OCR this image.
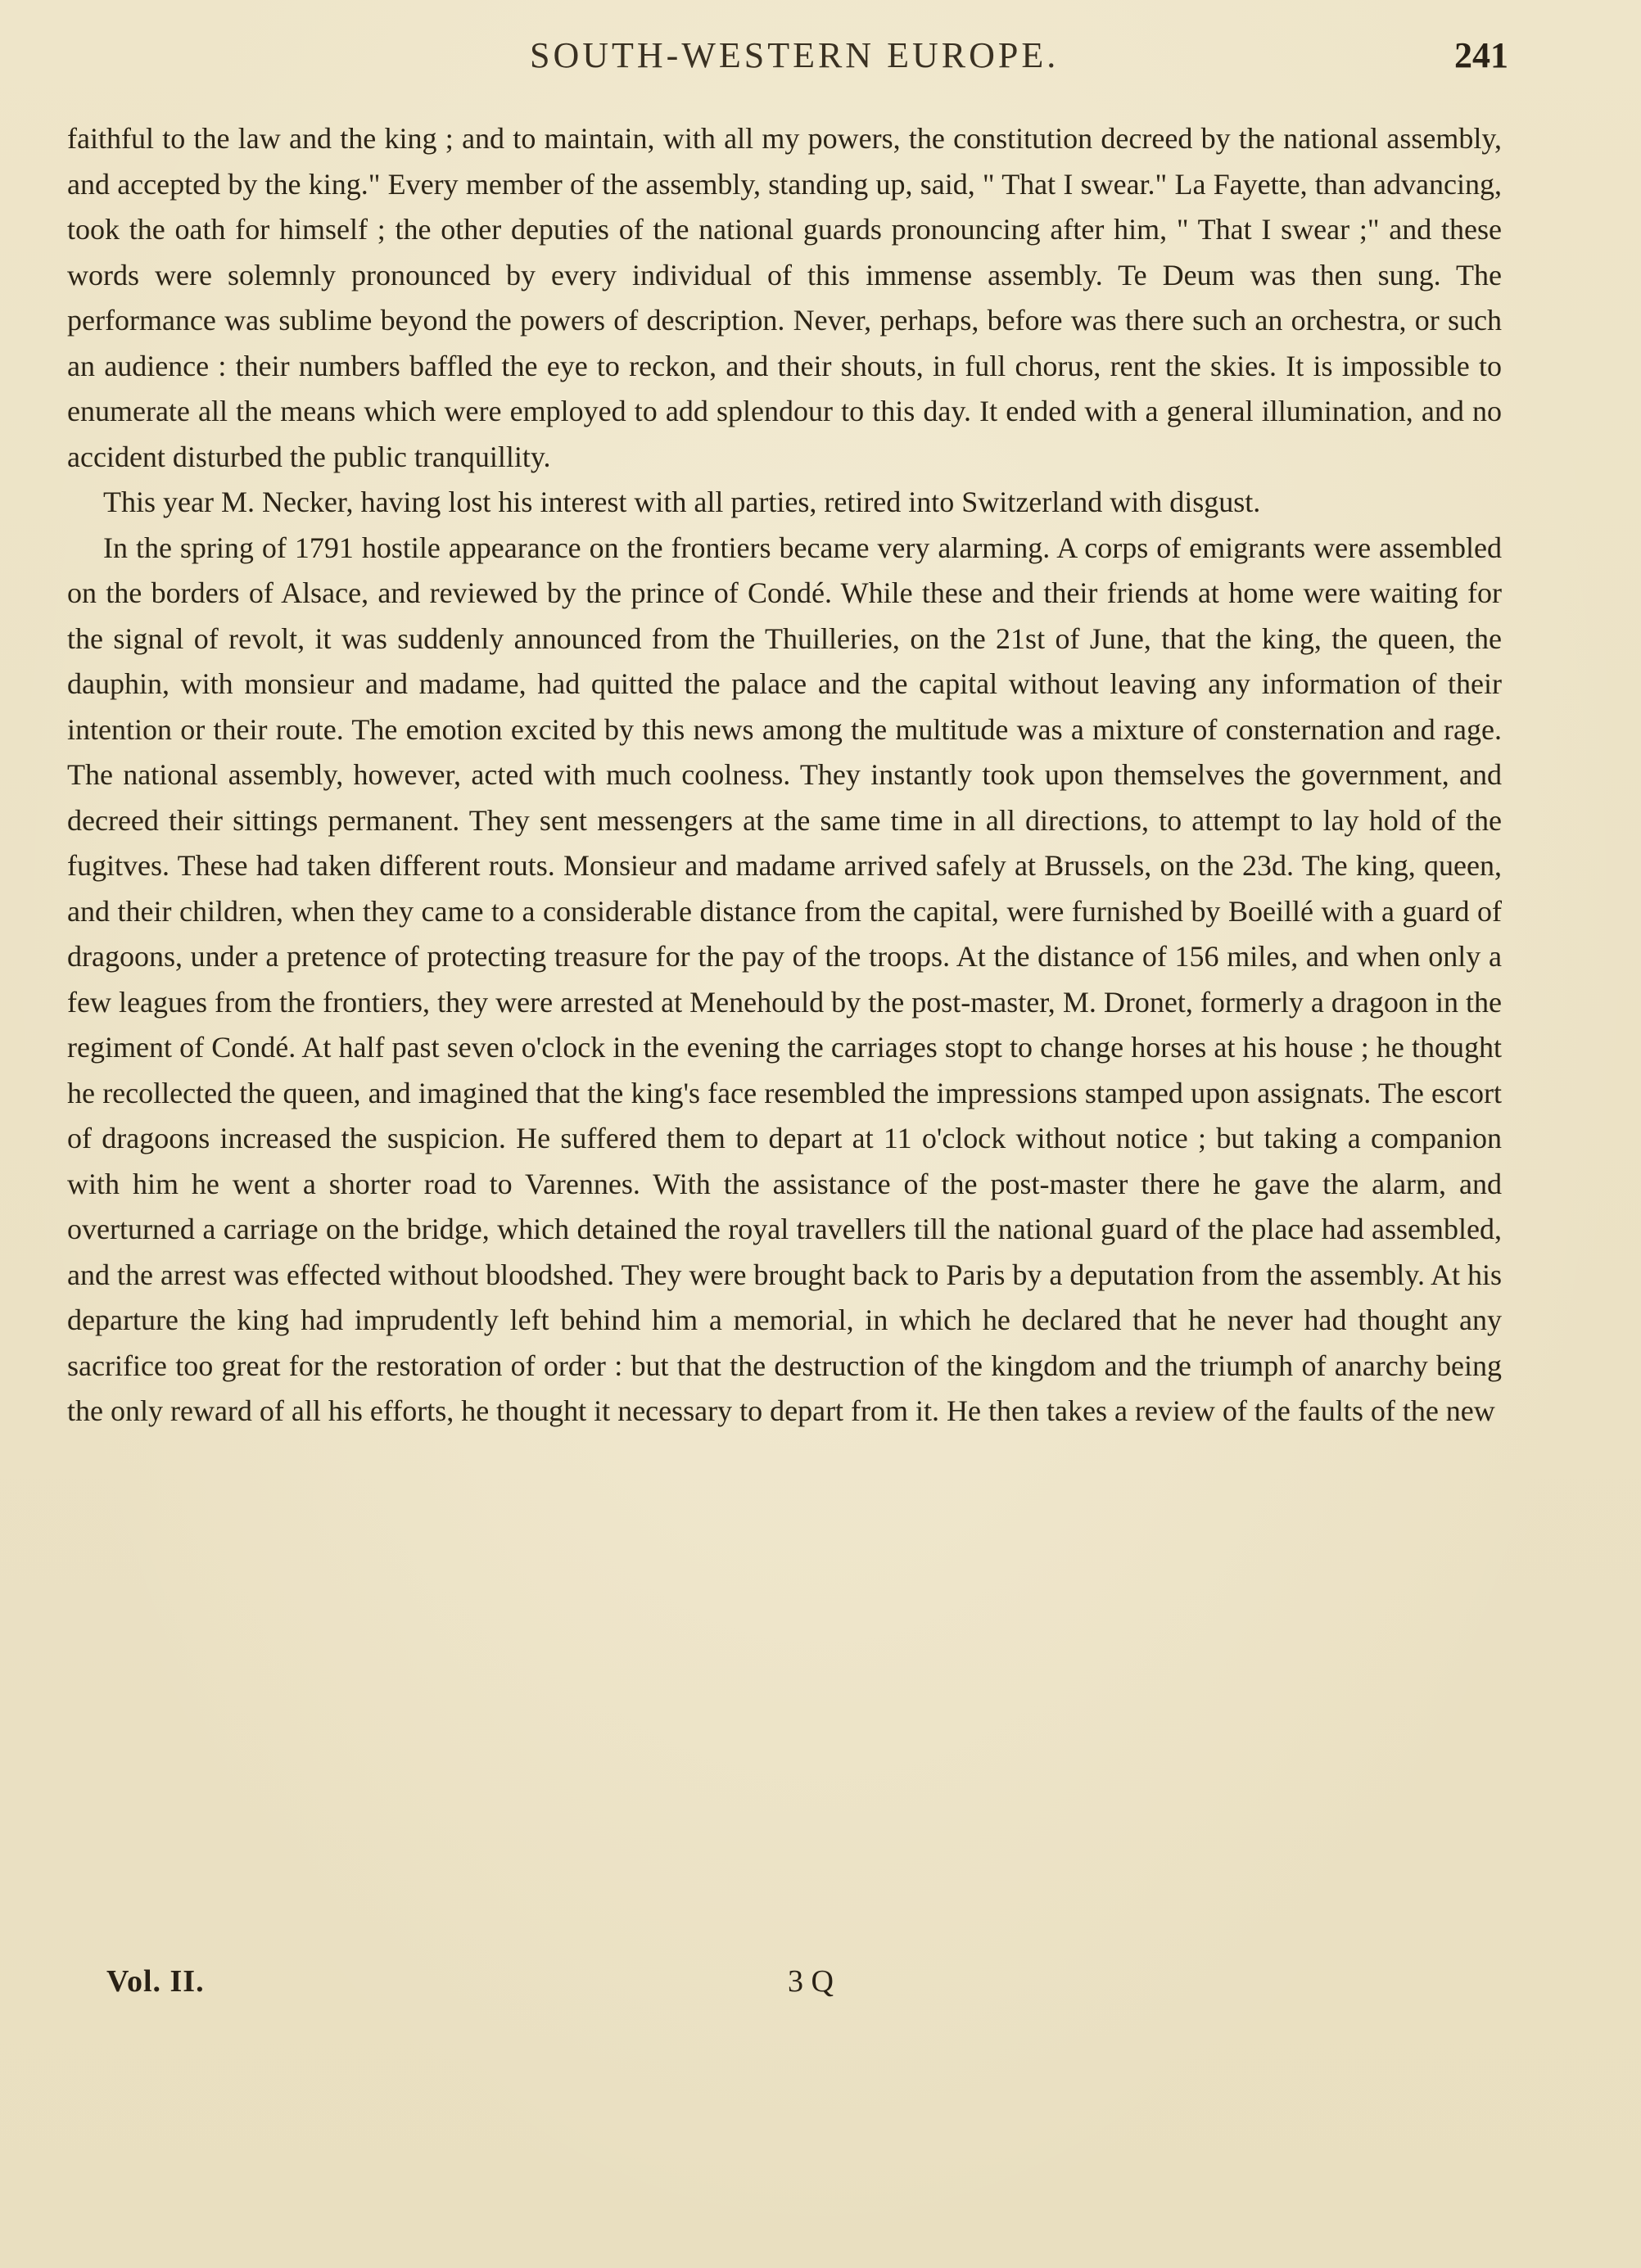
SOUTH-WESTERN EUROPE.	241

faithful to the law and the king ; and to maintain, with all my powers, the constitution decreed by the national assembly, and accepted by the king." Every member of the assembly, standing up, said, " That I swear." La Fayette, than advancing, took the oath for himself ; the other deputies of the national guards pronouncing after him, " That I swear ;" and these words were solemnly pronounced by every individual of this immense assembly. Te Deum was then sung. The performance was sublime beyond the powers of description. Never, perhaps, before was there such an orchestra, or such an audience : their numbers baffled the eye to reckon, and their shouts, in full chorus, rent the skies. It is impossible to enumerate all the means which were employed to add splendour to this day. It ended with a general illumination, and no accident disturbed the public tranquillity.

This year M. Necker, having lost his interest with all parties, retired into Switzerland with disgust.

In the spring of 1791 hostile appearance on the frontiers became very alarming. A corps of emigrants were assembled on the borders of Alsace, and reviewed by the prince of Condé. While these and their friends at home were waiting for the signal of revolt, it was suddenly announced from the Thuilleries, on the 21st of June, that the king, the queen, the dauphin, with monsieur and madame, had quitted the palace and the capital without leaving any information of their intention or their route. The emotion excited by this news among the multitude was a mixture of consternation and rage. The national assembly, however, acted with much coolness. They instantly took upon themselves the government, and decreed their sittings permanent. They sent messengers at the same time in all directions, to attempt to lay hold of the fugitves. These had taken different routs. Monsieur and madame arrived safely at Brussels, on the 23d. The king, queen, and their children, when they came to a considerable distance from the capital, were furnished by Boeillé with a guard of dragoons, under a pretence of protecting treasure for the pay of the troops. At the distance of 156 miles, and when only a few leagues from the frontiers, they were arrested at Menehould by the post-master, M. Dronet, formerly a dragoon in the regiment of Condé. At half past seven o'clock in the evening the carriages stopt to change horses at his house ; he thought he recollected the queen, and imagined that the king's face resembled the impressions stamped upon assignats. The escort of dragoons increased the suspicion. He suffered them to depart at 11 o'clock without notice ; but taking a companion with him he went a shorter road to Varennes. With the assistance of the post-master there he gave the alarm, and overturned a carriage on the bridge, which detained the royal travellers till the national guard of the place had assembled, and the arrest was effected without bloodshed. They were brought back to Paris by a deputation from the assembly. At his departure the king had imprudently left behind him a memorial, in which he declared that he never had thought any sacrifice too great for the restoration of order : but that the destruction of the kingdom and the triumph of anarchy being the only reward of all his efforts, he thought it necessary to depart from it. He then takes a review of the faults of the new

Vol. II.	3 Q
